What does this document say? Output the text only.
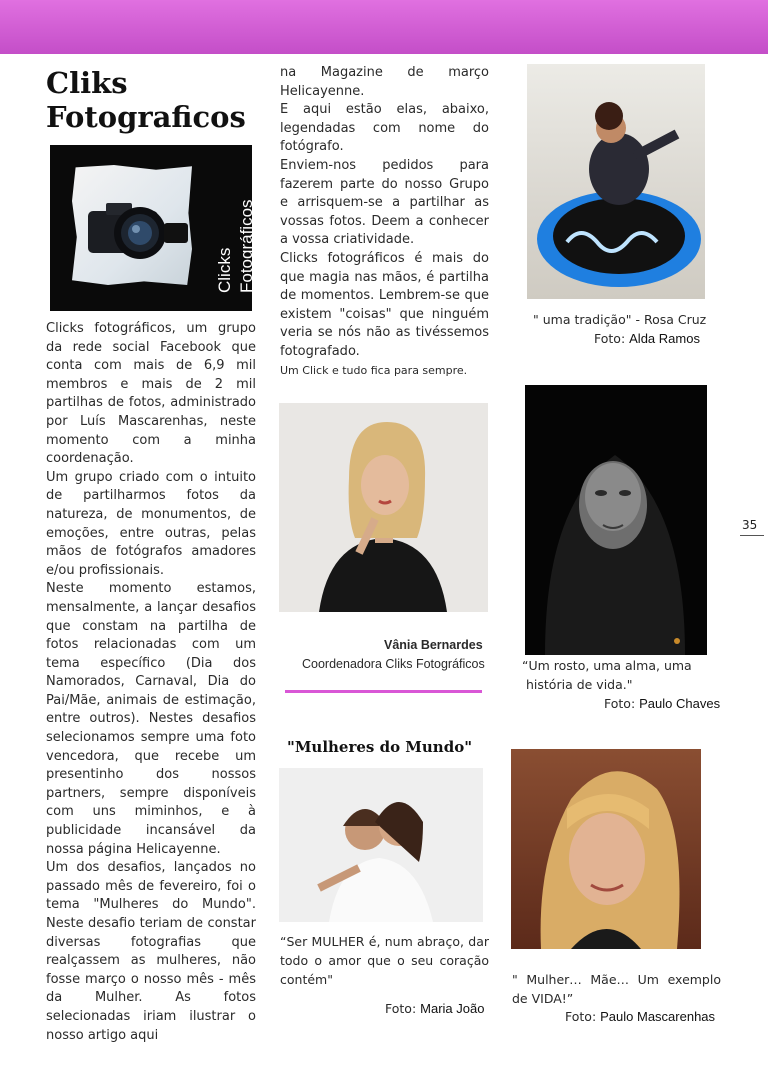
Cliks
Fotograficos
Clicks Fotográficos

Clicks fotográficos, um grupo da rede social Facebook que conta com mais de 6,9 mil membros e mais de 2 mil partilhas de fotos, administrado por Luís Mascarenhas, neste momento com a minha coordenação.

Um grupo criado com o intuito de partilharmos fotos da natureza, de monumentos, de emoções, entre outras, pelas mãos de fotógrafos amadores e/ou profissionais.

Neste momento estamos, mensalmente, a lançar desafios que constam na partilha de fotos relacionadas com um tema específico (Dia dos Namorados, Carnaval, Dia do Pai/Mãe, animais de estimação, entre outros). Nestes desafios selecionamos sempre uma foto vencedora, que recebe um presentinho dos nossos partners, sempre disponíveis com uns miminhos, e à publicidade incansável da nossa página Helicayenne.

Um dos desafios, lançados no passado mês de fevereiro, foi o tema "Mulheres do Mundo". Neste desafio teriam de constar diversas fotografias que realçassem as mulheres, não fosse março o nosso mês - mês da Mulher. As fotos selecionadas iriam ilustrar o nosso artigo aqui

na Magazine de março Helicayenne.

E aqui estão elas, abaixo, legendadas com nome do fotógrafo.

Enviem-nos pedidos para fazerem parte do nosso Grupo e arrisquem-se a partilhar as vossas fotos. Deem a conhecer a vossa criatividade.

Clicks fotográficos é mais do que magia nas mãos, é partilha de momentos. Lembrem-se que existem "coisas" que ninguém veria se nós não as tivéssemos fotografado.

Um Click e tudo fica para sempre.

" uma tradição" - Rosa Cruz
Foto: Alda Ramos
Vânia Bernardes
Coordenadora Cliks Fotográficos	“Um rosto, uma alma, uma
história de vida."
Foto: Paulo Chaves
"Mulheres do Mundo"
“Ser MULHER é, num abraço, dar todo o amor que o seu coração contém"
Foto: Maria João
" Mulher… Mãe… Um exemplo de VIDA!”
Foto: Paulo Mascarenhas
35
